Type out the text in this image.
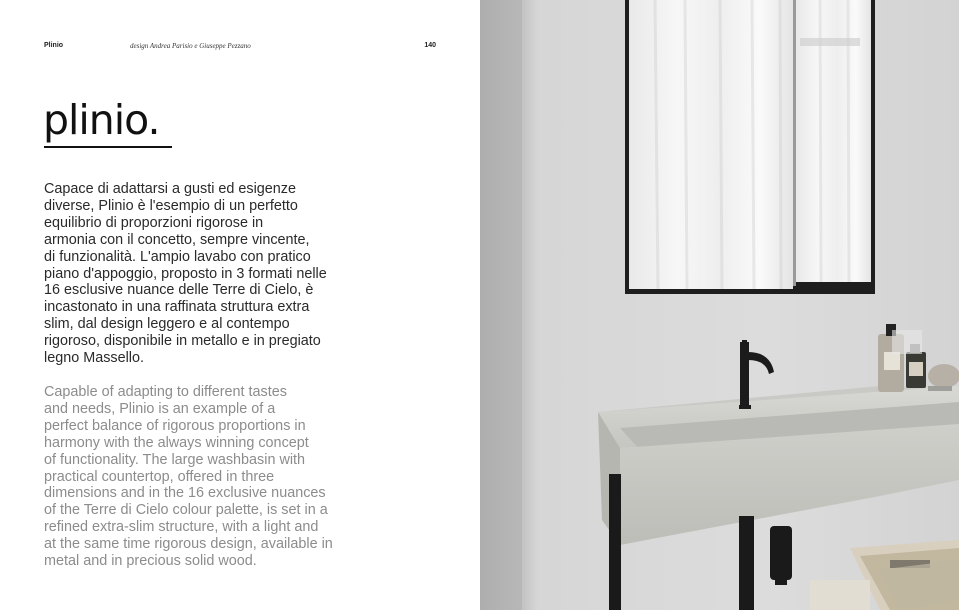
Plinio	design Andrea Parisio e Giuseppe Pezzano	140
plinio.

Capace di adattarsi a gusti ed esigenze
diverse, Plinio è l'esempio di un perfetto
equilibrio di proporzioni rigorose in
armonia con il concetto, sempre vincente,
di funzionalità. L'ampio lavabo con pratico
piano d'appoggio, proposto in 3 formati nelle
16 esclusive nuance delle Terre di Cielo, è
incastonato in una raffinata struttura extra
slim, dal design leggero e al contempo
rigoroso, disponibile in metallo e in pregiato
legno Massello.

Capable of adapting to different tastes
and needs, Plinio is an example of a
perfect balance of rigorous proportions in
harmony with the always winning concept
of functionality. The large washbasin with
practical countertop, offered in three
dimensions and in the 16 exclusive nuances
of the Terre di Cielo colour palette, is set in a
refined extra-slim structure, with a light and
at the same time rigorous design, available in
metal and in precious solid wood.
